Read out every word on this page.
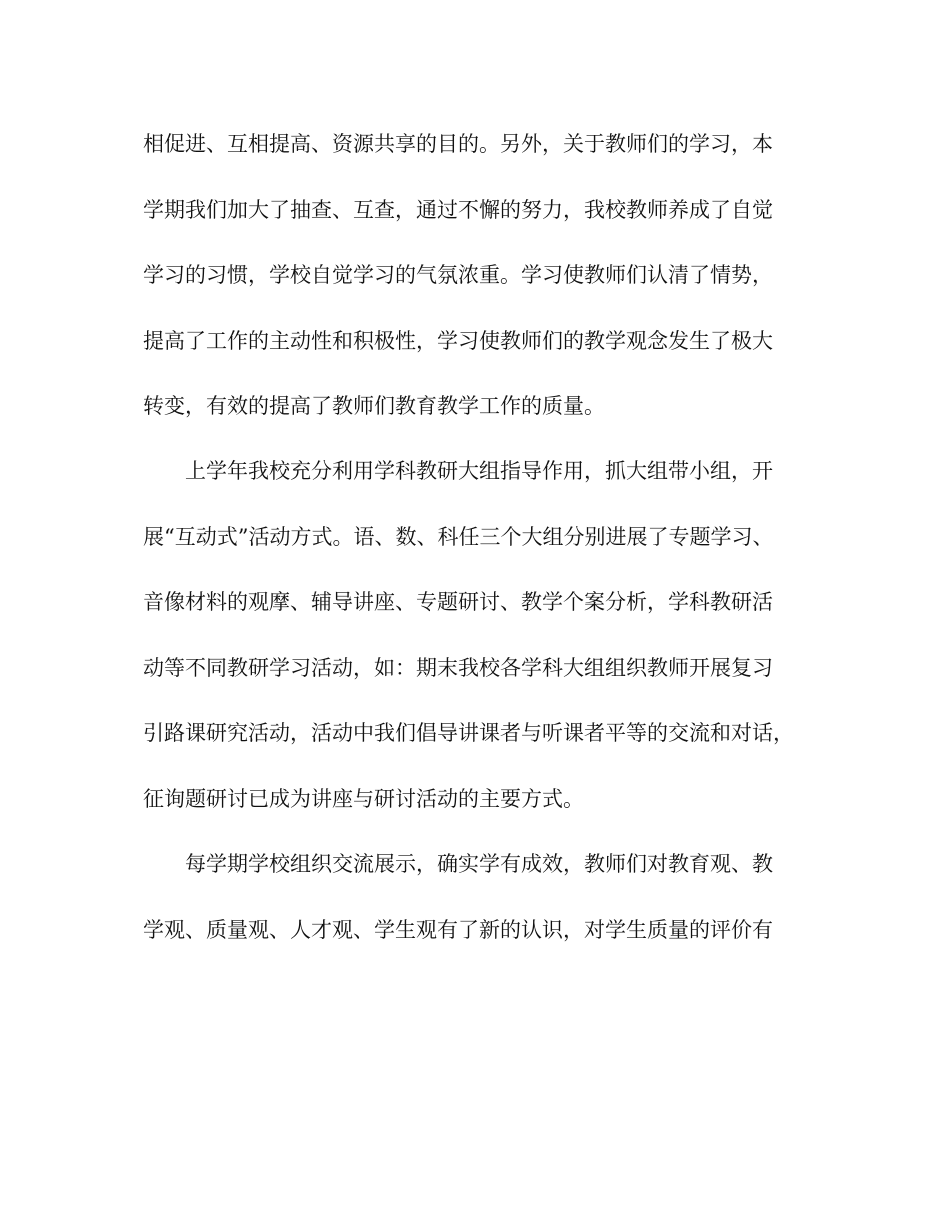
相促进、互相提高、资源共享的目的。另外，关于教师们的学习，本
学期我们加大了抽查、互查，通过不懈的努力，我校教师养成了自觉
学习的习惯，学校自觉学习的气氛浓重。学习使教师们认清了情势，
提高了工作的主动性和积极性，学习使教师们的教学观念发生了极大
转变，有效的提高了教师们教育教学工作的质量。
上学年我校充分利用学科教研大组指导作用，抓大组带小组，开
展“互动式”活动方式。语、数、科任三个大组分别进展了专题学习、
音像材料的观摩、辅导讲座、专题研讨、教学个案分析，学科教研活
动等不同教研学习活动，如：期末我校各学科大组组织教师开展复习
引路课研究活动，活动中我们倡导讲课者与听课者平等的交流和对话，
征询题研讨已成为讲座与研讨活动的主要方式。
每学期学校组织交流展示，确实学有成效，教师们对教育观、教
学观、质量观、人才观、学生观有了新的认识，对学生质量的评价有
